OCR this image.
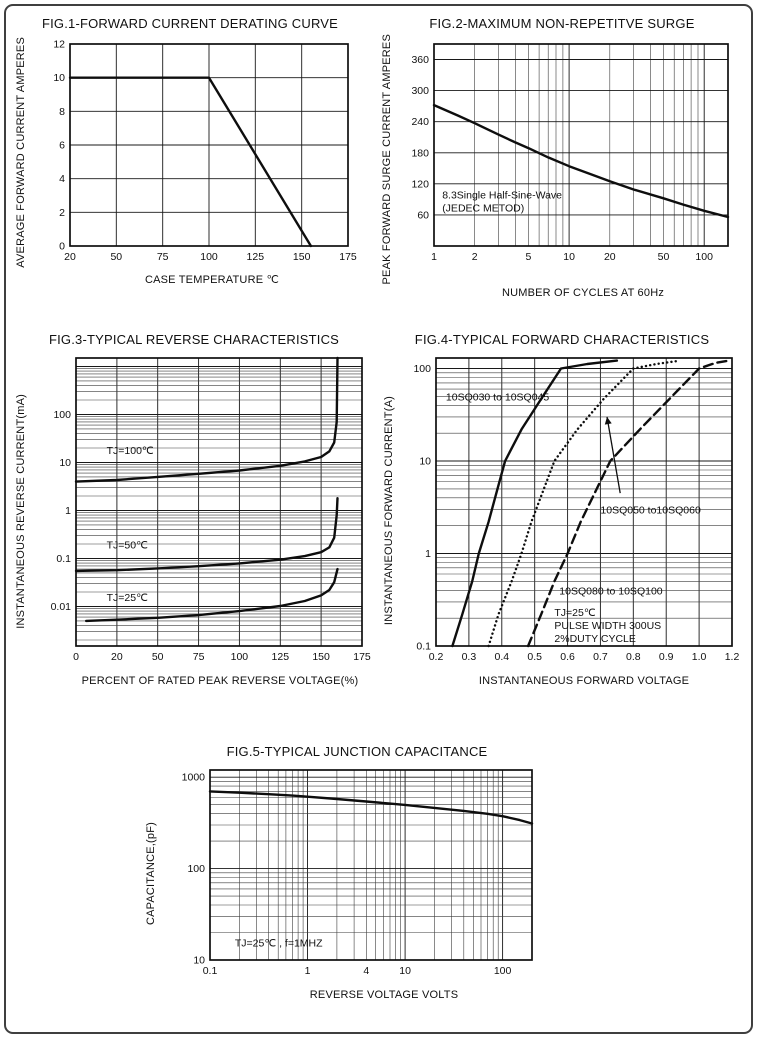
FIG.1-FORWARD CURRENT DERATING CURVE
AVERAGE FORWARD CURRENT AMPERES	20	50	75	100	125	150	175
0
2
4
6
8
10
12
CASE TEMPERATURE ℃
FIG.2-MAXIMUM NON-REPETITVE SURGE
PEAK FORWARD SURGE CURRENT AMPERES	1	2	5	10	20	50 100
60
120
180
240
300
360
8.3Single Half-Sine-Wave (JEDEC METOD)
NUMBER OF CYCLES AT 60Hz
FIG.3-TYPICAL REVERSE CHARACTERISTICS
INSTANTANEOUS REVERSE CURRENT(mA)
0	20	50	75 100 125 150 175
0.01
0.1
1
10
100
TJ=100℃
TJ=50℃
TJ=25℃
PERCENT OF RATED PEAK REVERSE VOLTAGE(%)
FIG.4-TYPICAL FORWARD CHARACTERISTICS
INSTANTANEOUS FORWARD CURRENT(A)
0.2 0.3 0.4 0.5 0.6 0.7 0.8 0.9 1.0 1.2
0.1
1
10
100
10SQ030 to 10SQ045
10SQ050 to10SQ060
10SQ080 to 10SQ100
TJ=25℃ PULSE WIDTH 300US 2%DUTY CYCLE
INSTANTANEOUS FORWARD VOLTAGE
FIG.5-TYPICAL JUNCTION CAPACITANCE
CAPACITANCE,(pF)
0.1	1	4	10	100
10
100
1000
TJ=25℃ , f=1MHZ
REVERSE VOLTAGE VOLTS
